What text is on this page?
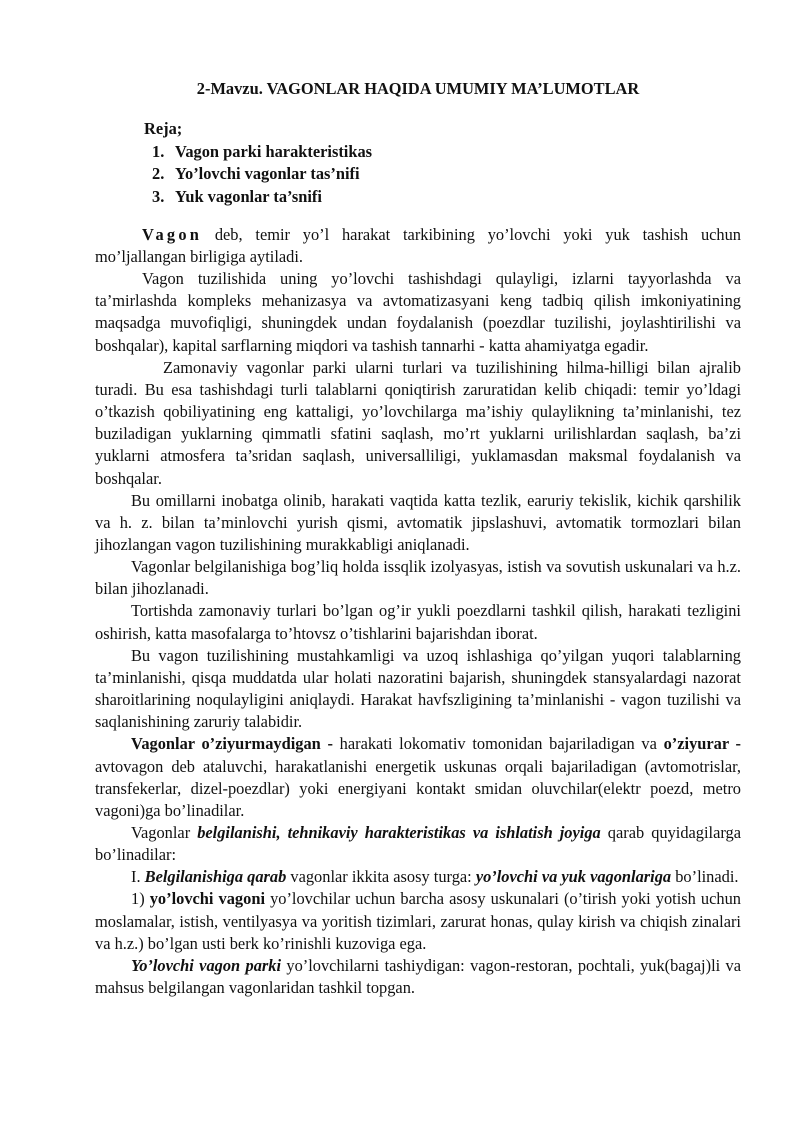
2-Mavzu. VAGONLAR HAQIDA UMUMIY MA’LUMOTLAR
Reja;
1. Vagon parki harakteristikas
2. Yo’lovchi vagonlar tas’nifi
3. Yuk vagonlar ta’snifi

Vagon deb, temir yo’l harakat tarkibining yo’lovchi yoki yuk tashish uchun mo’ljallangan birligiga aytiladi.

Vagon tuzilishida uning yo’lovchi tashishdagi qulayligi, izlarni tayyorlashda va ta’mirlashda kompleks mehanizasya va avtomatizasyani keng tadbiq qilish imkoniyatining maqsadga muvofiqligi, shuningdek undan foydalanish (poezdlar tuzilishi, joylashtirilishi va boshqalar), kapital sarflarning miqdori va tashish tannarhi - katta ahamiyatga egadir.

Zamonaviy vagonlar parki ularni turlari va tuzilishining hilma-hilligi bilan ajralib turadi. Bu esa tashishdagi turli talablarni qoniqtirish zaruratidan kelib chiqadi: temir yo’ldagi o’tkazish qobiliyatining eng kattaligi, yo’lovchilarga ma’ishiy qulaylikning ta’minlanishi, tez buziladigan yuklarning qimmatli sfatini saqlash, mo’rt yuklarni urilishlardan saqlash, ba’zi yuklarni atmosfera ta’sridan saqlash, universalliligi, yuklamasdan maksmal foydalanish va boshqalar.

Bu omillarni inobatga olinib, harakati vaqtida katta tezlik, earuriy tekislik, kichik qarshilik va h. z. bilan ta’minlovchi yurish qismi, avtomatik jipslashuvi, avtomatik tormozlari bilan jihozlangan vagon tuzilishining murakkabligi aniqlanadi.

Vagonlar belgilanishiga bog’liq holda issqlik izolyasyas, istish va sovutish uskunalari va h.z. bilan jihozlanadi.

Tortishda zamonaviy turlari bo’lgan og’ir yukli poezdlarni tashkil qilish, harakati tezligini oshirish, katta masofalarga to’htovsz o’tishlarini bajarishdan iborat.

Bu vagon tuzilishining mustahkamligi va uzoq ishlashiga qo’yilgan yuqori talablarning ta’minlanishi, qisqa muddatda ular holati nazoratini bajarish, shuningdek stansyalardagi nazorat sharoitlarining noqulayligini aniqlaydi. Harakat havfszligining ta’minlanishi - vagon tuzilishi va saqlanishining zaruriy talabidir.

Vagonlar o’ziyurmaydigan - harakati lokomativ tomonidan bajariladigan va o’ziyurar - avtovagon deb ataluvchi, harakatlanishi energetik uskunas orqali bajariladigan (avtomotrislar, transfekerlar, dizel-poezdlar) yoki energiyani kontakt smidan oluvchilar(elektr poezd, metro vagoni)ga bo’linadilar.

Vagonlar belgilanishi, tehnikaviy harakteristikas va ishlatish joyiga qarab quyidagilarga bo’linadilar:

I. Belgilanishiga qarab vagonlar ikkita asosy turga: yo’lovchi va yuk vagonlariga bo’linadi.

1) yo’lovchi vagoni yo’lovchilar uchun barcha asosy uskunalari (o’tirish yoki yotish uchun moslamalar, istish, ventilyasya va yoritish tizimlari, zarurat honas, qulay kirish va chiqish zinalari va h.z.) bo’lgan usti berk ko’rinishli kuzoviga ega.

Yo’lovchi vagon parki yo’lovchilarni tashiydigan: vagon-restoran, pochtali, yuk(bagaj)li va mahsus belgilangan vagonlaridan tashkil topgan.
